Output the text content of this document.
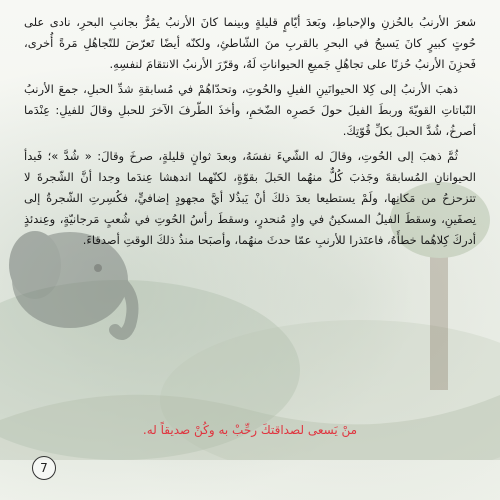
شعرَ الأرنبُ بالحُزنِ والإحباطِ، وبَعدَ أيّامٍ قليلةٍ وبينما كانَ الأرنبُ يمُرُّ بجانبِ البحرِ، نادى على حُوتٍ كبيرٍ كانَ يَسبحُ في البحرِ بالقربِ منَ الشّاطئِ، ولكنّه أيضًا تَعرّضَ للتّجاهُلِ مَرةً أُخرى، فَحزِنَ الأرنبُ حُزنًا على تجاهُلِ جَميعِ الحيواناتِ لَهُ، وقرّرَ الأرنبُ الانتقامَ لنفسِهِ.

ذهبَ الأرنبُ إلى كِلا الحيوانَينِ الفيلِ والحُوتِ، وتحدّاهُمْ في مُسابقةِ شدِّ الحبلِ، جمعَ الأرنبُ النّباتاتِ القويّةَ وربطَ الفيلَ حولَ خَصرِه الضّخمِ، وأخذَ الطّرفَ الآخرَ للحبلِ وقالَ للفيلِ: عِنْدَما أصرخُ، شُدَّ الحبلَ بكلِّ قُوّتِكَ.

ثُمَّ ذهبَ إلى الحُوتِ، وقالَ له الشّيءَ نفسَهُ، وبعدَ ثوانٍ قليلةٍ، صرخَ وقالَ: « شُدَّ »؛ فَبدأ الحيوانانِ المُسابقةَ وجَذبَ كُلٌّ منهُما الحَبلَ بقوّةٍ، لكنّهما اندهشا عِندَما وجدا أنَّ الشّجرةَ لا تتزحزحُ من مَكانِها، ولَمْ يستطيعا بعدَ ذلكَ أنْ يَبذُلا أيَّ مجهودٍ إضافيٍّ، فكُسِرتِ الشّجرةُ إلى نِصفَينِ، وسقطَ الفيلُ المسكينُ في وادٍ مُنحدرٍ، وسقطَ رأسُ الحُوتِ في شُعبٍ مَرجانيّةٍ، وعِندئذٍ أدركَ كِلاهُما خطأَهُ، فاعتَذرا للأرنبِ عمّا حدثَ منهُما، وأصبَحا منذُ ذلكَ الوقتِ أصدقاءَ.

منْ يَسعى لصداقتكَ رحِّبْ به وكُنْ صديقاً له.
7
